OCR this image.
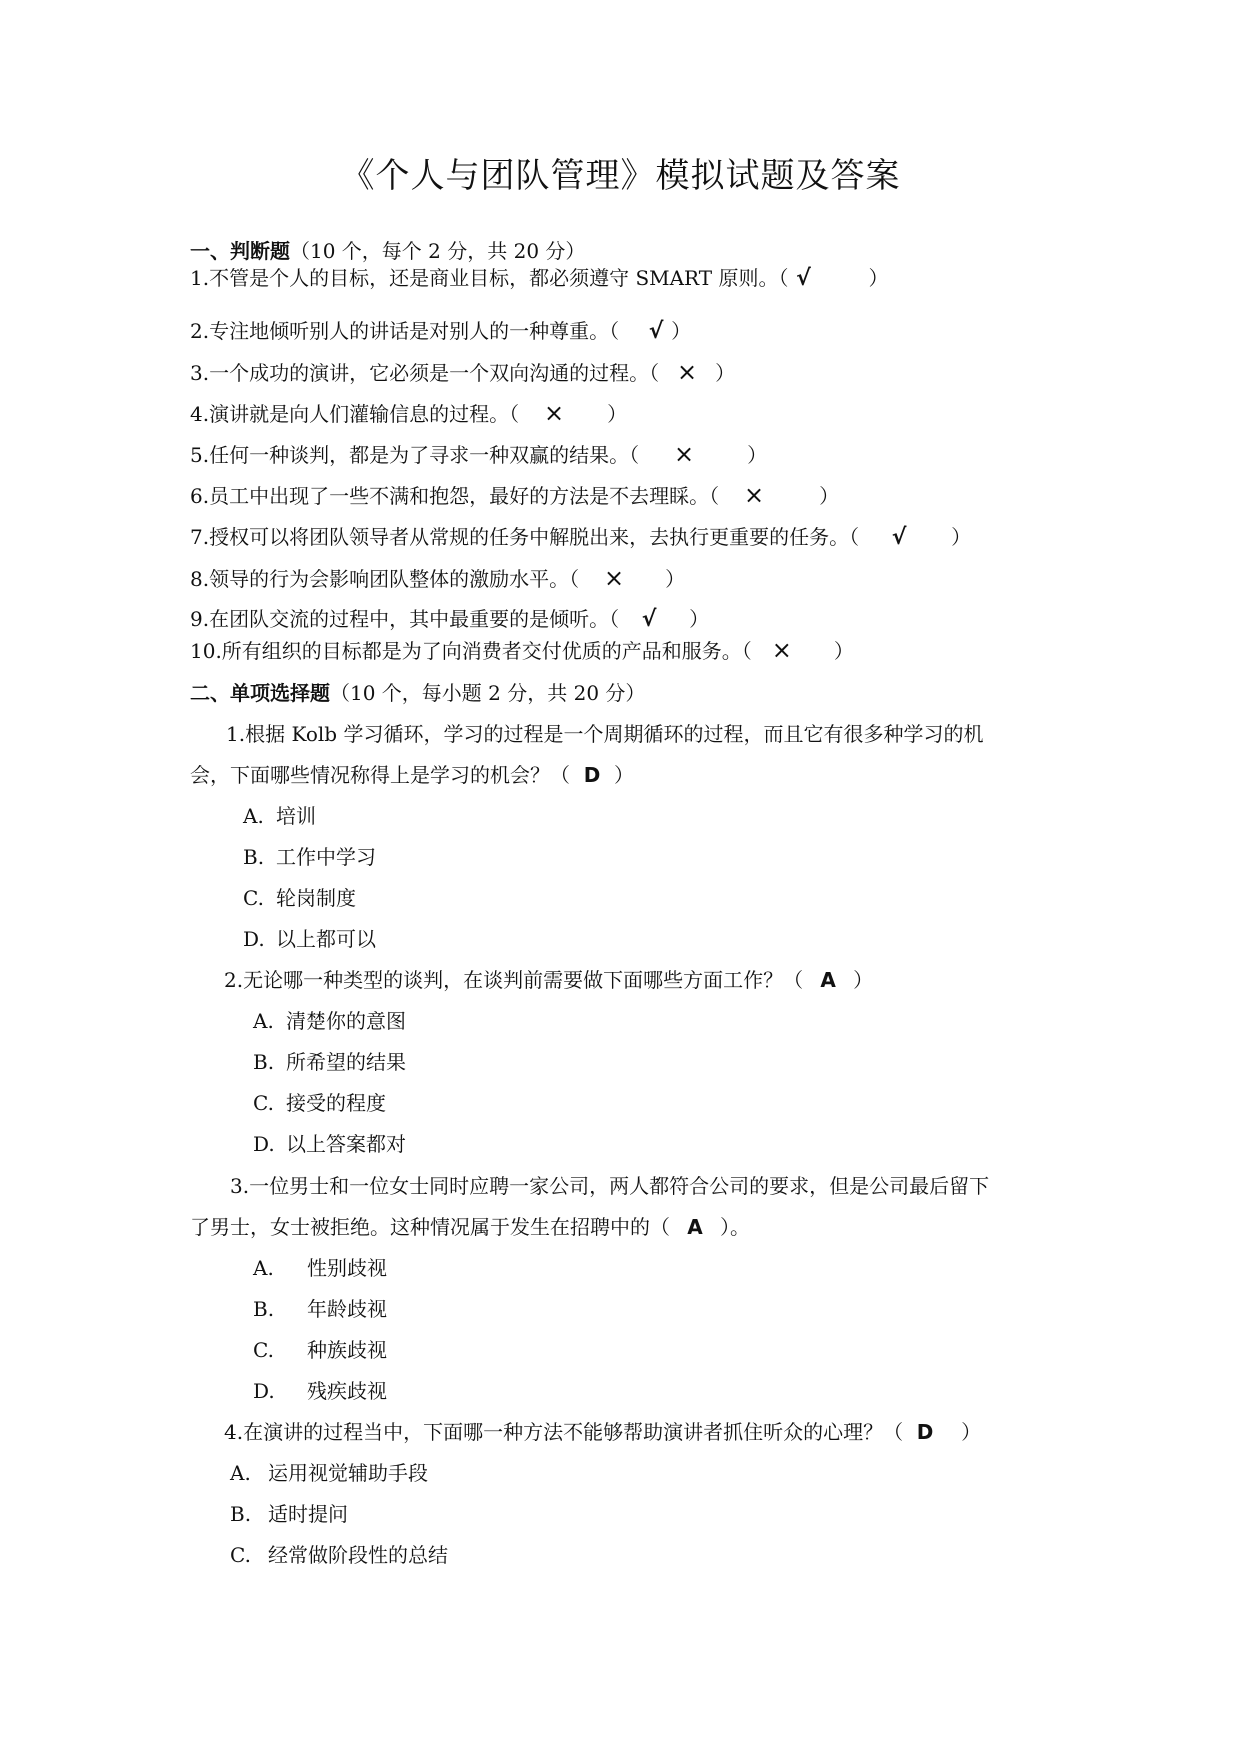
《个人与团队管理》模拟试题及答案
一、判断题（10 个，每个 2 分，共 20 分）
1.不管是个人的目标，还是商业目标，都必须遵守 SMART 原则。（ √	）
2.专注地倾听别人的讲话是对别人的一种尊重。（ √ ）
3.一个成功的演讲，它必须是一个双向沟通的过程。（ × ）
4.演讲就是向人们灌输信息的过程。（ × ）
5.任何一种谈判，都是为了寻求一种双赢的结果。（ ×	）
6.员工中出现了一些不满和抱怨，最好的方法是不去理睬。（ ×	）
7.授权可以将团队领导者从常规的任务中解脱出来，去执行更重要的任务。（ √ ）
8.领导的行为会影响团队整体的激励水平。（ × ）
9.在团队交流的过程中，其中最重要的是倾听。（ √ ）
10.所有组织的目标都是为了向消费者交付优质的产品和服务。（ × ）
二、单项选择题（10 个，每小题 2 分，共 20 分）
1.根据 Kolb 学习循环，学习的过程是一个周期循环的过程，而且它有很多种学习的机
会，下面哪些情况称得上是学习的机会？（ D ）
A. 培训
B. 工作中学习
C. 轮岗制度
D. 以上都可以
2.无论哪一种类型的谈判，在谈判前需要做下面哪些方面工作？（ A ）
A. 清楚你的意图
B. 所希望的结果
C. 接受的程度
D. 以上答案都对
3.一位男士和一位女士同时应聘一家公司，两人都符合公司的要求，但是公司最后留下
了男士，女士被拒绝。这种情况属于发生在招聘中的（ A ）。
A. 性别歧视
B. 年龄歧视
C. 种族歧视
D. 残疾歧视
4.在演讲的过程当中，下面哪一种方法不能够帮助演讲者抓住听众的心理？（ D ）
A. 运用视觉辅助手段
B. 适时提问
C. 经常做阶段性的总结
